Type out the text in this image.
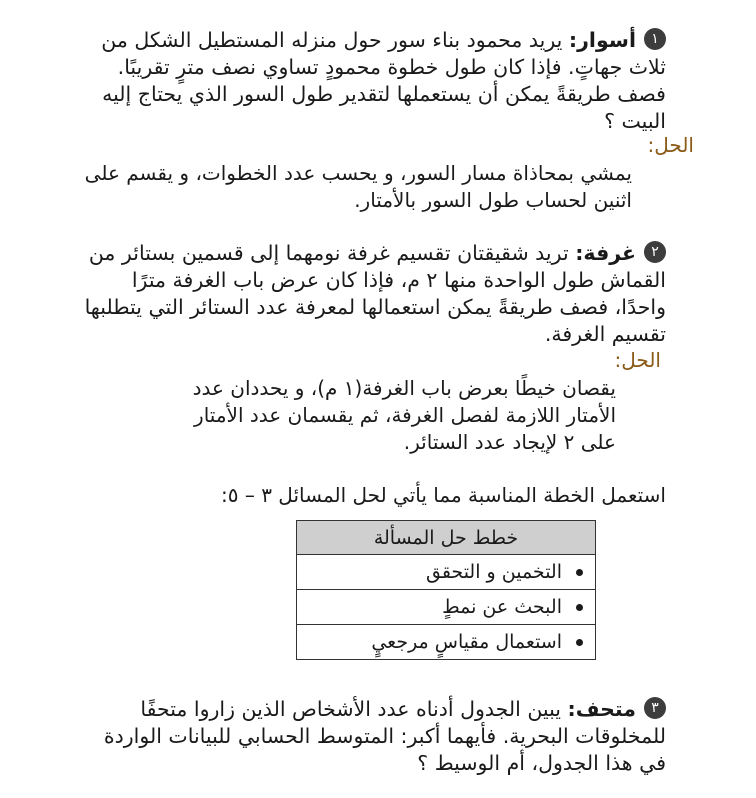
١أسوار: يريد محمود بناء سور حول منزله المستطيل الشكل من ثلاث جهاتٍ. فإذا كان طول خطوة محمودٍ تساوي نصف مترٍ تقريبًا. فصف طريقةً يمكن أن يستعملها لتقدير طول السور الذي يحتاج إليه البيت ؟
الحل:
يمشي بمحاذاة مسار السور، و يحسب عدد الخطوات، و يقسم على اثنين لحساب طول السور بالأمتار.
٢غرفة: تريد شقيقتان تقسيم غرفة نومهما إلى قسمين بستائر من القماش طول الواحدة منها ٢ م، فإذا كان عرض باب الغرفة مترًا واحدًا، فصف طريقةً يمكن استعمالها لمعرفة عدد الستائر التي يتطلبها تقسيم الغرفة.
الحل:
يقصان خيطًا بعرض باب الغرفة(١ م)، و يحددان عدد الأمتار اللازمة لفصل الغرفة، ثم يقسمان عدد الأمتار على ٢ لإيجاد عدد الستائر.
استعمل الخطة المناسبة مما يأتي لحل المسائل ٣ – ٥:
خطط حل المسألة
التخمين و التحقق
البحث عن نمطٍ
استعمال مقياسٍ مرجعيٍ
٣متحف: يبين الجدول أدناه عدد الأشخاص الذين زاروا متحفًا للمخلوقات البحرية. فأيهما أكبر: المتوسط الحسابي للبيانات الواردة في هذا الجدول، أم الوسيط ؟
